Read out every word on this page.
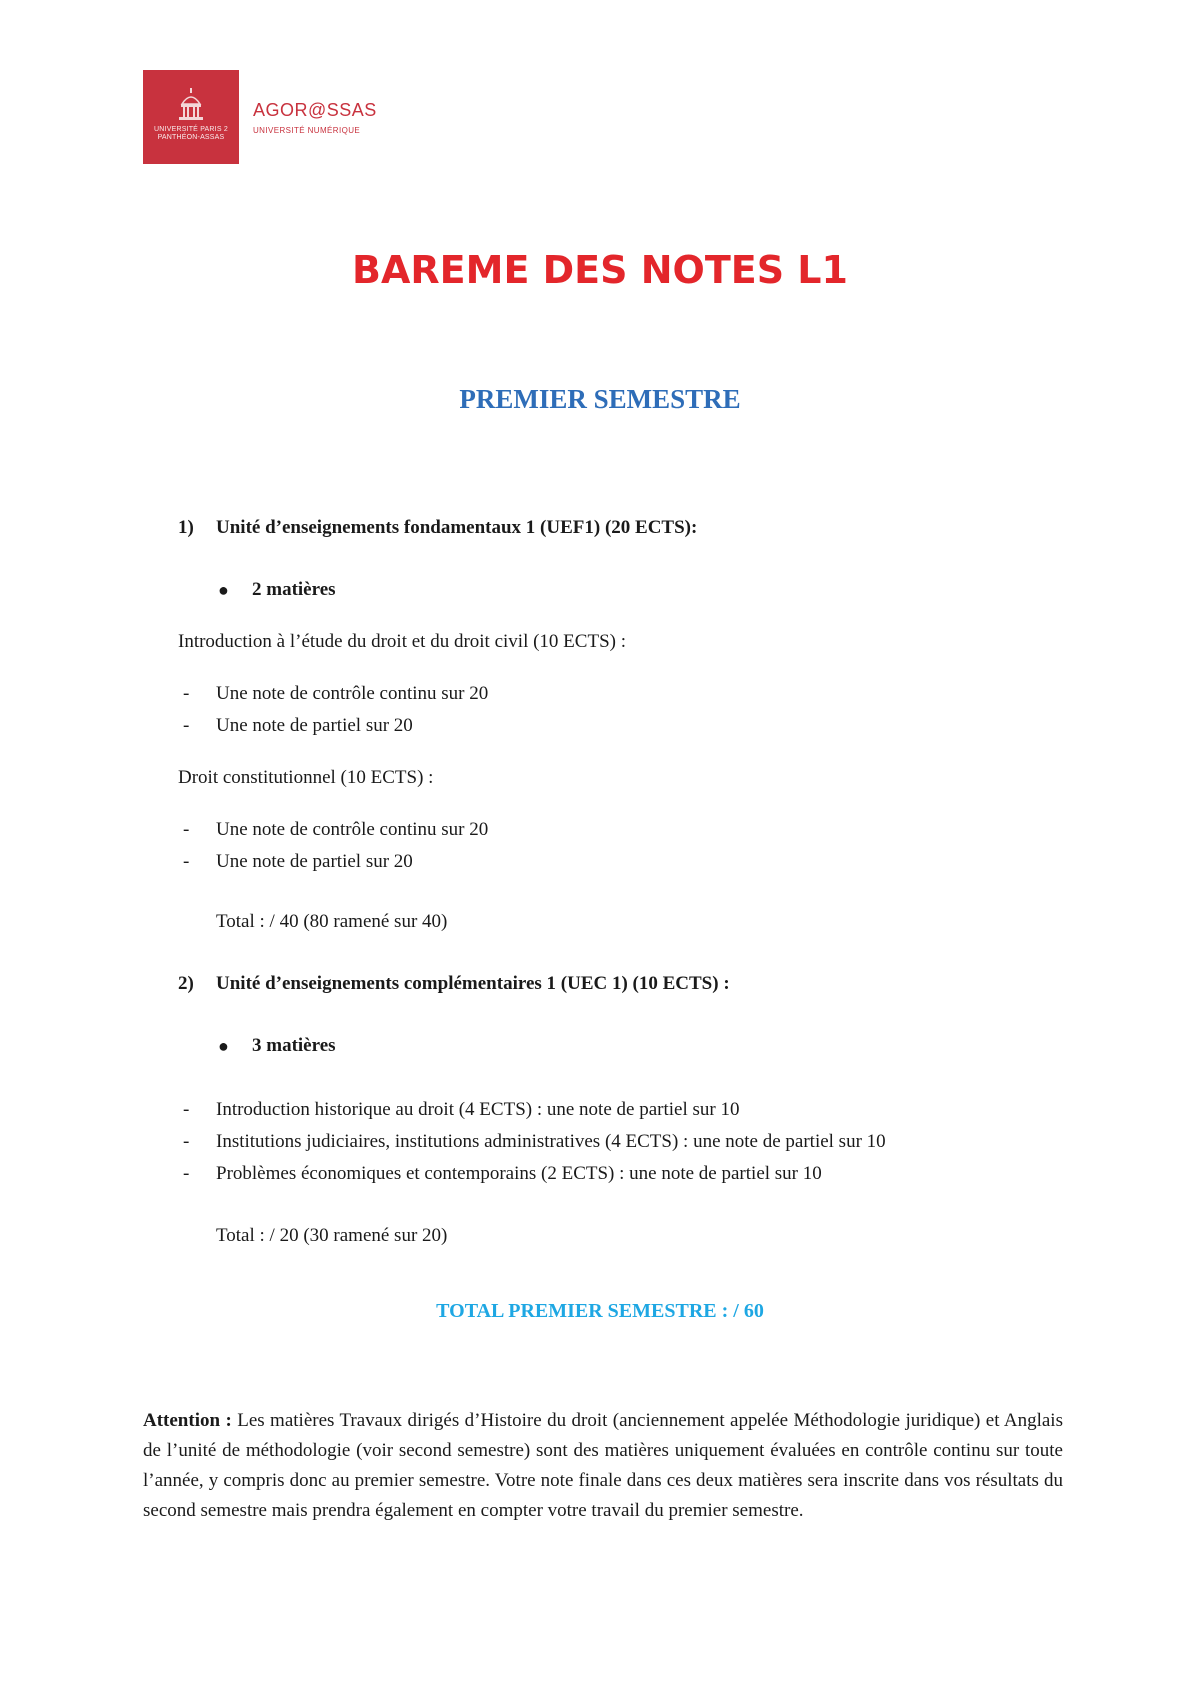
UNIVERSITÉ PARIS 2
PANTHÉON-ASSAS
AGOR@SSAS
UNIVERSITÉ NUMÉRIQUE
BAREME DES NOTES L1
PREMIER SEMESTRE
1) Unité d’enseignements fondamentaux 1 (UEF1) (20 ECTS):
● 2 matières
Introduction à l’étude du droit et du droit civil (10 ECTS) :
- Une note de contrôle continu sur 20
- Une note de partiel sur 20
Droit constitutionnel (10 ECTS) :
- Une note de contrôle continu sur 20
- Une note de partiel sur 20
Total : / 40 (80 ramené sur 40)
2) Unité d’enseignements complémentaires 1 (UEC 1) (10 ECTS) :
● 3 matières
- Introduction historique au droit (4 ECTS) : une note de partiel sur 10
- Institutions judiciaires, institutions administratives (4 ECTS) : une note de partiel sur 10
- Problèmes économiques et contemporains (2 ECTS) : une note de partiel sur 10
Total : / 20 (30 ramené sur 20)
TOTAL PREMIER SEMESTRE : / 60
Attention : Les matières Travaux dirigés d’Histoire du droit (anciennement appelée Méthodologie juridique) et Anglais de l’unité de méthodologie (voir second semestre) sont des matières uniquement évaluées en contrôle continu sur toute l’année, y compris donc au premier semestre. Votre note finale dans ces deux matières sera inscrite dans vos résultats du second semestre mais prendra également en compter votre travail du premier semestre.
